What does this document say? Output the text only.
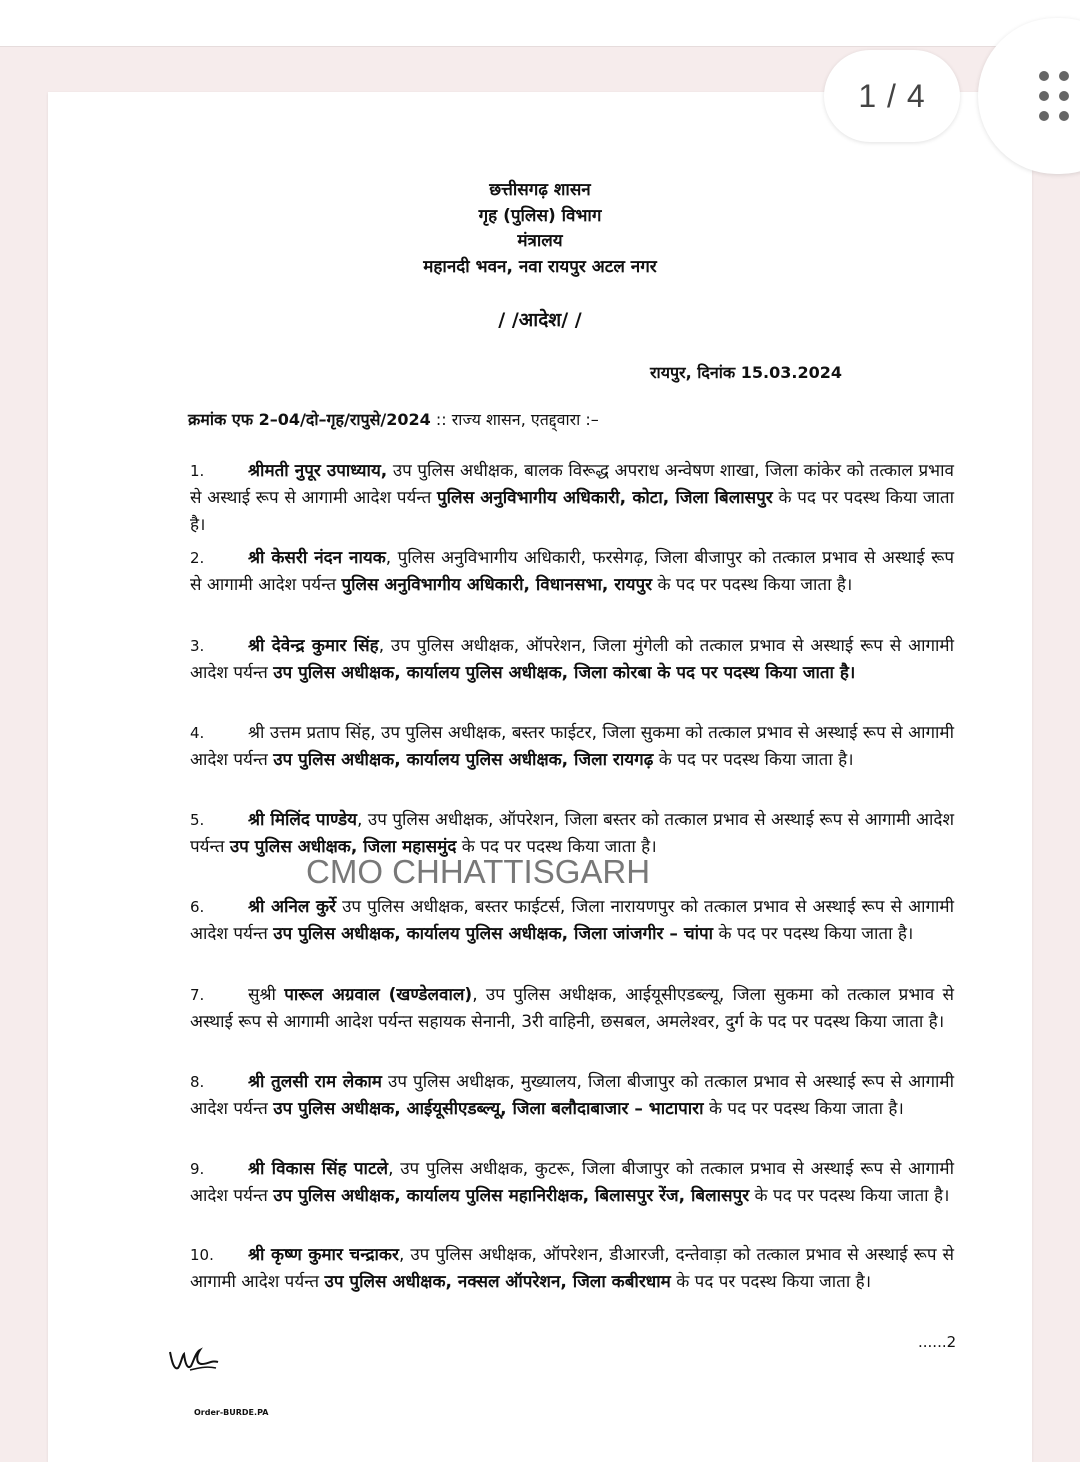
1 / 4
छत्तीसगढ़ शासन
गृह (पुलिस) विभाग
मंत्रालय
महानदी भवन, नवा रायपुर अटल नगर
/ /आदेश/ /
रायपुर, दिनांक 15.03.2024
क्रमांक एफ 2–04/दो–गृह/रापुसे/2024 :: राज्य शासन, एतद्द्वारा :–
1.	श्रीमती नुपूर उपाध्याय, उप पुलिस अधीक्षक, बालक विरूद्ध अपराध अन्वेषण शाखा, जिला कांकेर को तत्काल प्रभाव से अस्थाई रूप से आगामी आदेश पर्यन्त पुलिस अनुविभागीय अधिकारी, कोटा, जिला बिलासपुर के पद पर पदस्थ किया जाता है।
2.	श्री केसरी नंदन नायक, पुलिस अनुविभागीय अधिकारी, फरसेगढ़, जिला बीजापुर को तत्काल प्रभाव से अस्थाई रूप से आगामी आदेश पर्यन्त पुलिस अनुविभागीय अधिकारी, विधानसभा, रायपुर के पद पर पदस्थ किया जाता है।
3.	श्री देवेन्द्र कुमार सिंह, उप पुलिस अधीक्षक, ऑपरेशन, जिला मुंगेली को तत्काल प्रभाव से अस्थाई रूप से आगामी आदेश पर्यन्त उप पुलिस अधीक्षक, कार्यालय पुलिस अधीक्षक, जिला कोरबा के पद पर पदस्थ किया जाता है।
4.	श्री उत्तम प्रताप सिंह, उप पुलिस अधीक्षक, बस्तर फाईटर, जिला सुकमा को तत्काल प्रभाव से अस्थाई रूप से आगामी आदेश पर्यन्त उप पुलिस अधीक्षक, कार्यालय पुलिस अधीक्षक, जिला रायगढ़ के पद पर पदस्थ किया जाता है।
5.	श्री मिलिंद पाण्डेय, उप पुलिस अधीक्षक, ऑपरेशन, जिला बस्तर को तत्काल प्रभाव से अस्थाई रूप से आगामी आदेश पर्यन्त उप पुलिस अधीक्षक, जिला महासमुंद के पद पर पदस्थ किया जाता है।
CMO CHHATTISGARH
6.	श्री अनिल कुर्रे उप पुलिस अधीक्षक, बस्तर फाईटर्स, जिला नारायणपुर को तत्काल प्रभाव से अस्थाई रूप से आगामी आदेश पर्यन्त उप पुलिस अधीक्षक, कार्यालय पुलिस अधीक्षक, जिला जांजगीर – चांपा के पद पर पदस्थ किया जाता है।
7.	सुश्री पारूल अग्रवाल (खण्डेलवाल), उप पुलिस अधीक्षक, आईयूसीएडब्ल्यू, जिला सुकमा को तत्काल प्रभाव से अस्थाई रूप से आगामी आदेश पर्यन्त सहायक सेनानी, 3री वाहिनी, छसबल, अमलेश्वर, दुर्ग के पद पर पदस्थ किया जाता है।
8.	श्री तुलसी राम लेकाम उप पुलिस अधीक्षक, मुख्यालय, जिला बीजापुर को तत्काल प्रभाव से अस्थाई रूप से आगामी आदेश पर्यन्त उप पुलिस अधीक्षक, आईयूसीएडब्ल्यू, जिला बलौदाबाजार – भाटापारा के पद पर पदस्थ किया जाता है।
9.	श्री विकास सिंह पाटले, उप पुलिस अधीक्षक, कुटरू, जिला बीजापुर को तत्काल प्रभाव से अस्थाई रूप से आगामी आदेश पर्यन्त उप पुलिस अधीक्षक, कार्यालय पुलिस महानिरीक्षक, बिलासपुर रेंज, बिलासपुर के पद पर पदस्थ किया जाता है।
10. श्री कृष्ण कुमार चन्द्राकर, उप पुलिस अधीक्षक, ऑपरेशन, डीआरजी, दन्तेवाड़ा को तत्काल प्रभाव से अस्थाई रूप से आगामी आदेश पर्यन्त उप पुलिस अधीक्षक, नक्सल ऑपरेशन, जिला कबीरधाम के पद पर पदस्थ किया जाता है।
......2
Order-BURDE.PA
